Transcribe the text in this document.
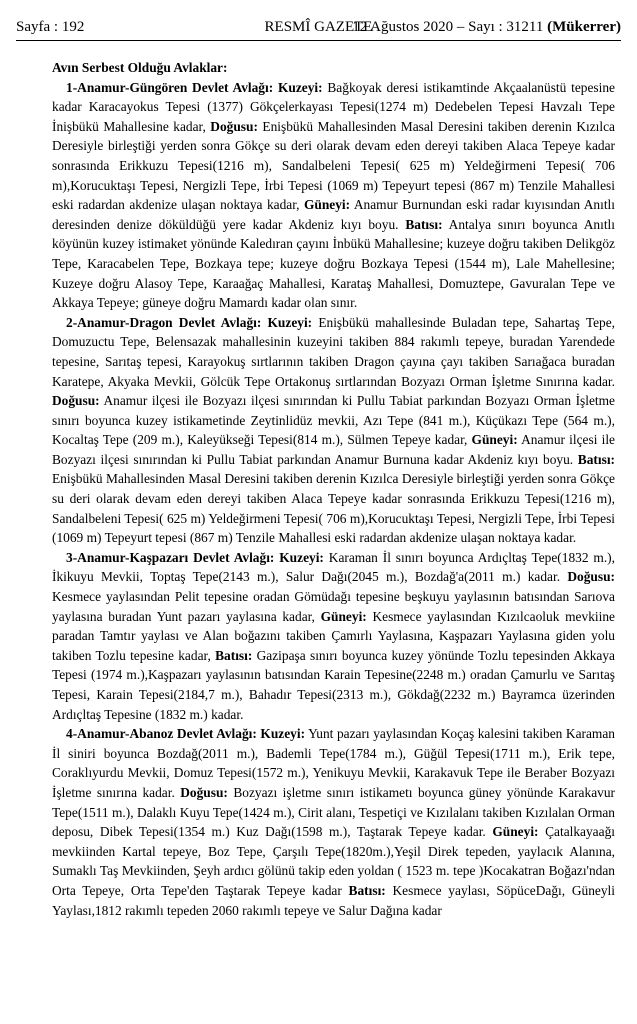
Sayfa : 192	RESMÎ GAZETE
12 Ağustos 2020 – Sayı : 31211 (Mükerrer)

Avın Serbest Olduğu Avlaklar:

1-Anamur-Güngören Devlet Avlağı: Kuzeyi: Bağkoyak deresi istikamtinde Akçaalanüstü tepesine kadar Karacayokus Tepesi (1377) Gökçelerkayası Tepesi(1274 m) Dedebelen Tepesi Havzalı Tepe İnişbükü Mahallesine kadar, Doğusu: Enişbükü Mahallesinden Masal Deresini takiben derenin Kızılca Deresiyle birleştiği yerden sonra Gökçe su deri olarak devam eden dereyi takiben Alaca Tepeye kadar sonrasında Erikkuzu Tepesi(1216 m), Sandalbeleni Tepesi( 625 m) Yeldeğirmeni Tepesi( 706 m),Korucuktaşı Tepesi, Nergizli Tepe, İrbi Tepesi (1069 m) Tepeyurt tepesi (867 m) Tenzile Mahallesi eski radardan akdenize ulaşan noktaya kadar, Güneyi: Anamur Burnundan eski radar kıyısından Anıtlı deresinden denize döküldüğü yere kadar Akdeniz kıyı boyu. Batısı: Antalya sınırı boyunca Anıtlı köyünün kuzey istimaket yönünde Kaledıran çayını İnbükü Mahallesine; kuzeye doğru takiben Delikgöz Tepe, Karacabelen Tepe, Bozkaya tepe; kuzeye doğru Bozkaya Tepesi (1544 m), Lale Mahellesine; Kuzeye doğru Alasoy Tepe, Karaağaç Mahallesi, Karataş Mahallesi, Domuztepe, Gavuralan Tepe ve Akkaya Tepeye; güneye doğru Mamardı kadar olan sınır.

2-Anamur-Dragon Devlet Avlağı: Kuzeyi: Enişbükü mahallesinde Buladan tepe, Sahartaş Tepe, Domuzuctu Tepe, Belensazak mahallesinin kuzeyini takiben 884 rakımlı tepeye, buradan Yarendede tepesine, Sarıtaş tepesi, Karayokuş sırtlarının takiben Dragon çayına çayı takiben Sarıağaca buradan Karatepe, Akyaka Mevkii, Gölcük Tepe Ortakonuş sırtlarından Bozyazı Orman İşletme Sınırına kadar. Doğusu: Anamur ilçesi ile Bozyazı ilçesi sınırından ki Pullu Tabiat parkından Bozyazı Orman İşletme sınırı boyunca kuzey istikametinde Zeytinlidüz mevkii, Azı Tepe (841 m.), Küçükazı Tepe (564 m.), Kocaltaş Tepe (209 m.), Kaleyükseği Tepesi(814 m.), Sülmen Tepeye kadar, Güneyi: Anamur ilçesi ile Bozyazı ilçesi sınırından ki Pullu Tabiat parkından Anamur Burnuna kadar Akdeniz kıyı boyu. Batısı: Enişbükü Mahallesinden Masal Deresini takiben derenin Kızılca Deresiyle birleştiği yerden sonra Gökçe su deri olarak devam eden dereyi takiben Alaca Tepeye kadar sonrasında Erikkuzu Tepesi(1216 m), Sandalbeleni Tepesi( 625 m) Yeldeğirmeni Tepesi( 706 m),Korucuktaşı Tepesi, Nergizli Tepe, İrbi Tepesi (1069 m) Tepeyurt tepesi (867 m) Tenzile Mahallesi eski radardan akdenize ulaşan noktaya kadar.

3-Anamur-Kaşpazarı Devlet Avlağı: Kuzeyi: Karaman İl sınırı boyunca Ardıçltaş Tepe(1832 m.), İkikuyu Mevkii, Toptaş Tepe(2143 m.), Salur Dağı(2045 m.), Bozdağ'a(2011 m.) kadar. Doğusu: Kesmece yaylasından Pelit tepesine oradan Gömüdağı tepesine beşkuyu yaylasının batısından Sarıova yaylasına buradan Yunt pazarı yaylasına kadar, Güneyi: Kesmece yaylasından Kızılcaoluk mevkiine paradan Tamtır yaylası ve Alan boğazını takiben Çamırlı Yaylasına, Kaşpazarı Yaylasına giden yolu takiben Tozlu tepesine kadar, Batısı: Gazipaşa sınırı boyunca kuzey yönünde Tozlu tepesinden Akkaya Tepesi (1974 m.),Kaşpazarı yaylasının batısından Karain Tepesine(2248 m.) oradan Çamurlu ve Sarıtaş Tepesi, Karain Tepesi(2184,7 m.), Bahadır Tepesi(2313 m.), Gökdağ(2232 m.) Bayramca üzerinden Ardıçltaş Tepesine (1832 m.) kadar.

4-Anamur-Abanoz Devlet Avlağı: Kuzeyi: Yunt pazarı yaylasından Koçaş kalesini takiben Karaman İl siniri boyunca Bozdağ(2011 m.), Bademli Tepe(1784 m.), Güğül Tepesi(1711 m.), Erik tepe, Coraklıyurdu Mevkii, Domuz Tepesi(1572 m.), Yenikuyu Mevkii, Karakavuk Tepe ile Beraber Bozyazı İşletme sınırına kadar. Doğusu: Bozyazı işletme sınırı istikametı boyunca güney yönünde Karakavur Tepe(1511 m.), Dalaklı Kuyu Tepe(1424 m.), Cirit alanı, Tespetiçi ve Kızılalanı takiben Kızılalan Orman deposu, Dibek Tepesi(1354 m.) Kuz Dağı(1598 m.), Taştarak Tepeye kadar. Güneyi: Çatalkayaağı mevkiinden Kartal tepeye, Boz Tepe, Çarşılı Tepe(1820m.),Yeşil Direk tepeden, yaylacık Alanına, Sumaklı Taş Mevkiinden, Şeyh ardıcı gölünü takip eden yoldan ( 1523 m. tepe )Kocakatran Boğazı'ndan Orta Tepeye, Orta Tepe'den Taştarak Tepeye kadar Batısı: Kesmece yaylası, SöpüceDağı, Güneyli Yaylası,1812 rakımlı tepeden 2060 rakımlı tepeye ve Salur Dağına kadar
